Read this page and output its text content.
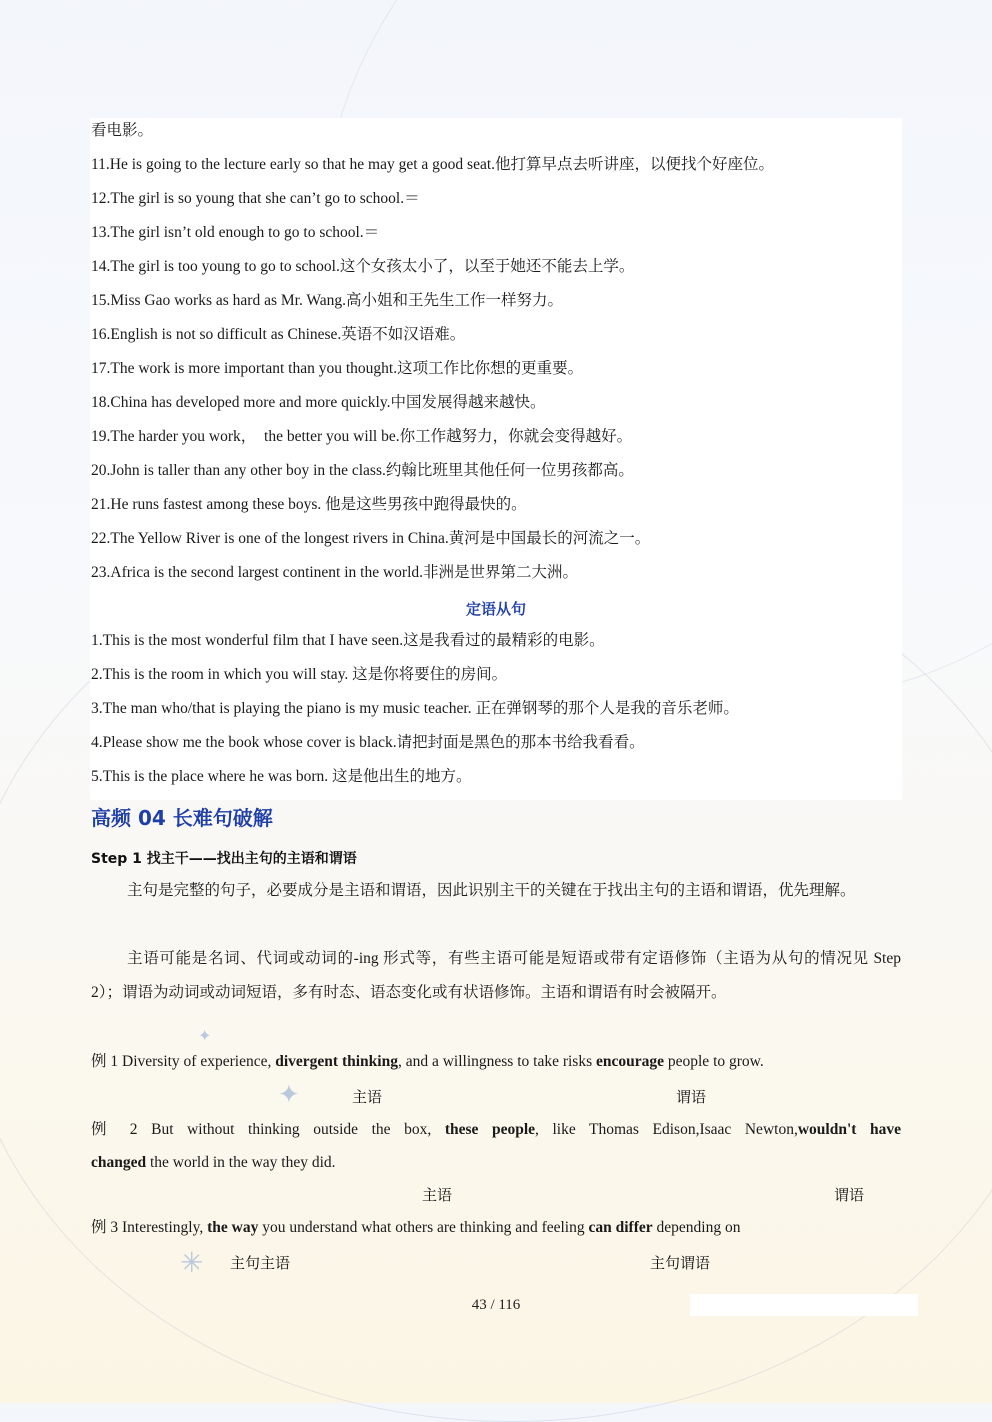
✦
✦
✳
看电影。
11.He is going to the lecture early so that he may get a good seat.他打算早点去听讲座，以便找个好座位。
12.The girl is so young that she can’t go to school.＝
13.The girl isn’t old enough to go to school.＝
14.The girl is too young to go to school.这个女孩太小了，以至于她还不能去上学。
15.Miss Gao works as hard as Mr. Wang.高小姐和王先生工作一样努力。
16.English is not so difficult as Chinese.英语不如汉语难。
17.The work is more important than you thought.这项工作比你想的更重要。
18.China has developed more and more quickly.中国发展得越来越快。
19.The harder you work，　the better you will be.你工作越努力，你就会变得越好。
20.John is taller than any other boy in the class.约翰比班里其他任何一位男孩都高。
21.He runs fastest among these boys. 他是这些男孩中跑得最快的。
22.The Yellow River is one of the longest rivers in China.黄河是中国最长的河流之一。
23.Africa is the second largest continent in the world.非洲是世界第二大洲。
定语从句
1.This is the most wonderful film that I have seen.这是我看过的最精彩的电影。
2.This is the room in which you will stay. 这是你将要住的房间。
3.The man who/that is playing the piano is my music teacher. 正在弹钢琴的那个人是我的音乐老师。
4.Please show me the book whose cover is black.请把封面是黑色的那本书给我看看。
5.This is the place where he was born. 这是他出生的地方。
高频 04 长难句破解
Step 1 找主干——找出主句的主语和谓语
主句是完整的句子，必要成分是主语和谓语，因此识别主干的关键在于找出主句的主语和谓语，优先理解。
主语可能是名词、代词或动词的-ing 形式等，有些主语可能是短语或带有定语修饰（主语为从句的情况见 Step 2）；谓语为动词或动词短语，多有时态、语态变化或有状语修饰。主语和谓语有时会被隔开。
例 1 Diversity of experience, divergent thinking, and a willingness to take risks encourage people to grow.
主语	谓语
例 2 But without thinking outside the box, these people, like Thomas Edison,Isaac Newton,wouldn't have
changed the world in the way they did.
主语	谓语
例 3 Interestingly, the way you understand what others are thinking and feeling can differ depending on
主句主语	主句谓语
43 / 116
